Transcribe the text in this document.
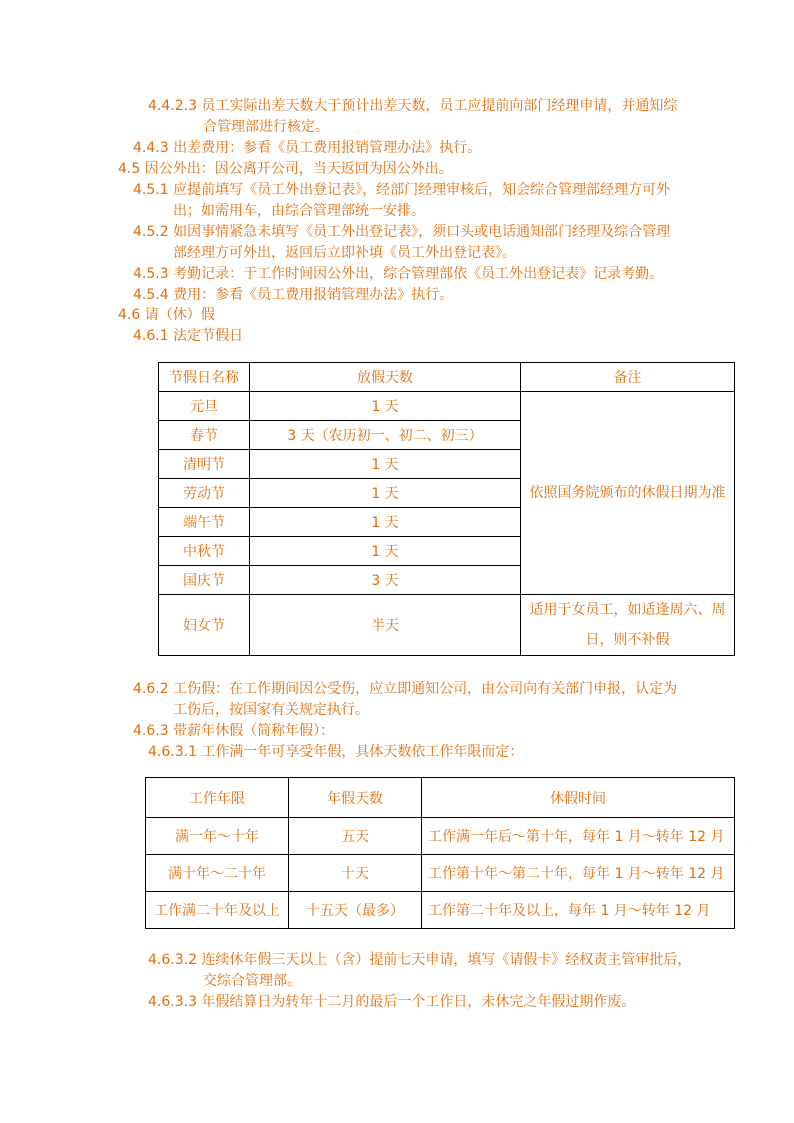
4.4.2.3 员工实际出差天数大于预计出差天数，员工应提前向部门经理申请，并通知综
合管理部进行核定。
4.4.3 出差费用：参看《员工费用报销管理办法》执行。
4.5 因公外出：因公离开公司，当天返回为因公外出。
4.5.1 应提前填写《员工外出登记表》，经部门经理审核后，知会综合管理部经理方可外
出；如需用车，由综合管理部统一安排。
4.5.2 如因事情紧急未填写《员工外出登记表》，须口头或电话通知部门经理及综合管理
部经理方可外出，返回后立即补填《员工外出登记表》。
4.5.3 考勤记录：于工作时间因公外出，综合管理部依《员工外出登记表》记录考勤。
4.5.4 费用：参看《员工费用报销管理办法》执行。
4.6 请（休）假
4.6.1 法定节假日
节假日名称	放假天数	备注
元旦	1 天	依照国务院颁布的休假日期为准
春节	3 天（农历初一、初二、初三）	
清明节	1 天	
劳动节	1 天	
端午节	1 天	
中秋节	1 天	
国庆节	3 天	
妇女节	半天	适用于女员工，如适逢周六、周
日，则不补假
4.6.2 工伤假：在工作期间因公受伤，应立即通知公司，由公司向有关部门申报，认定为
工伤后，按国家有关规定执行。
4.6.3 带薪年休假（简称年假）：
4.6.3.1 工作满一年可享受年假，具体天数依工作年限而定：
工作年限	年假天数	休假时间
满一年～十年	五天	工作满一年后～第十年，每年 1 月～转年 12 月
满十年～二十年	十天	工作第十年～第二十年，每年 1 月～转年 12 月
工作满二十年及以上	十五天（最多）	工作第二十年及以上，每年 1 月～转年 12 月
4.6.3.2 连续休年假三天以上（含）提前七天申请，填写《请假卡》经权责主管审批后，
交综合管理部。
4.6.3.3 年假结算日为转年十二月的最后一个工作日，未休完之年假过期作废。
